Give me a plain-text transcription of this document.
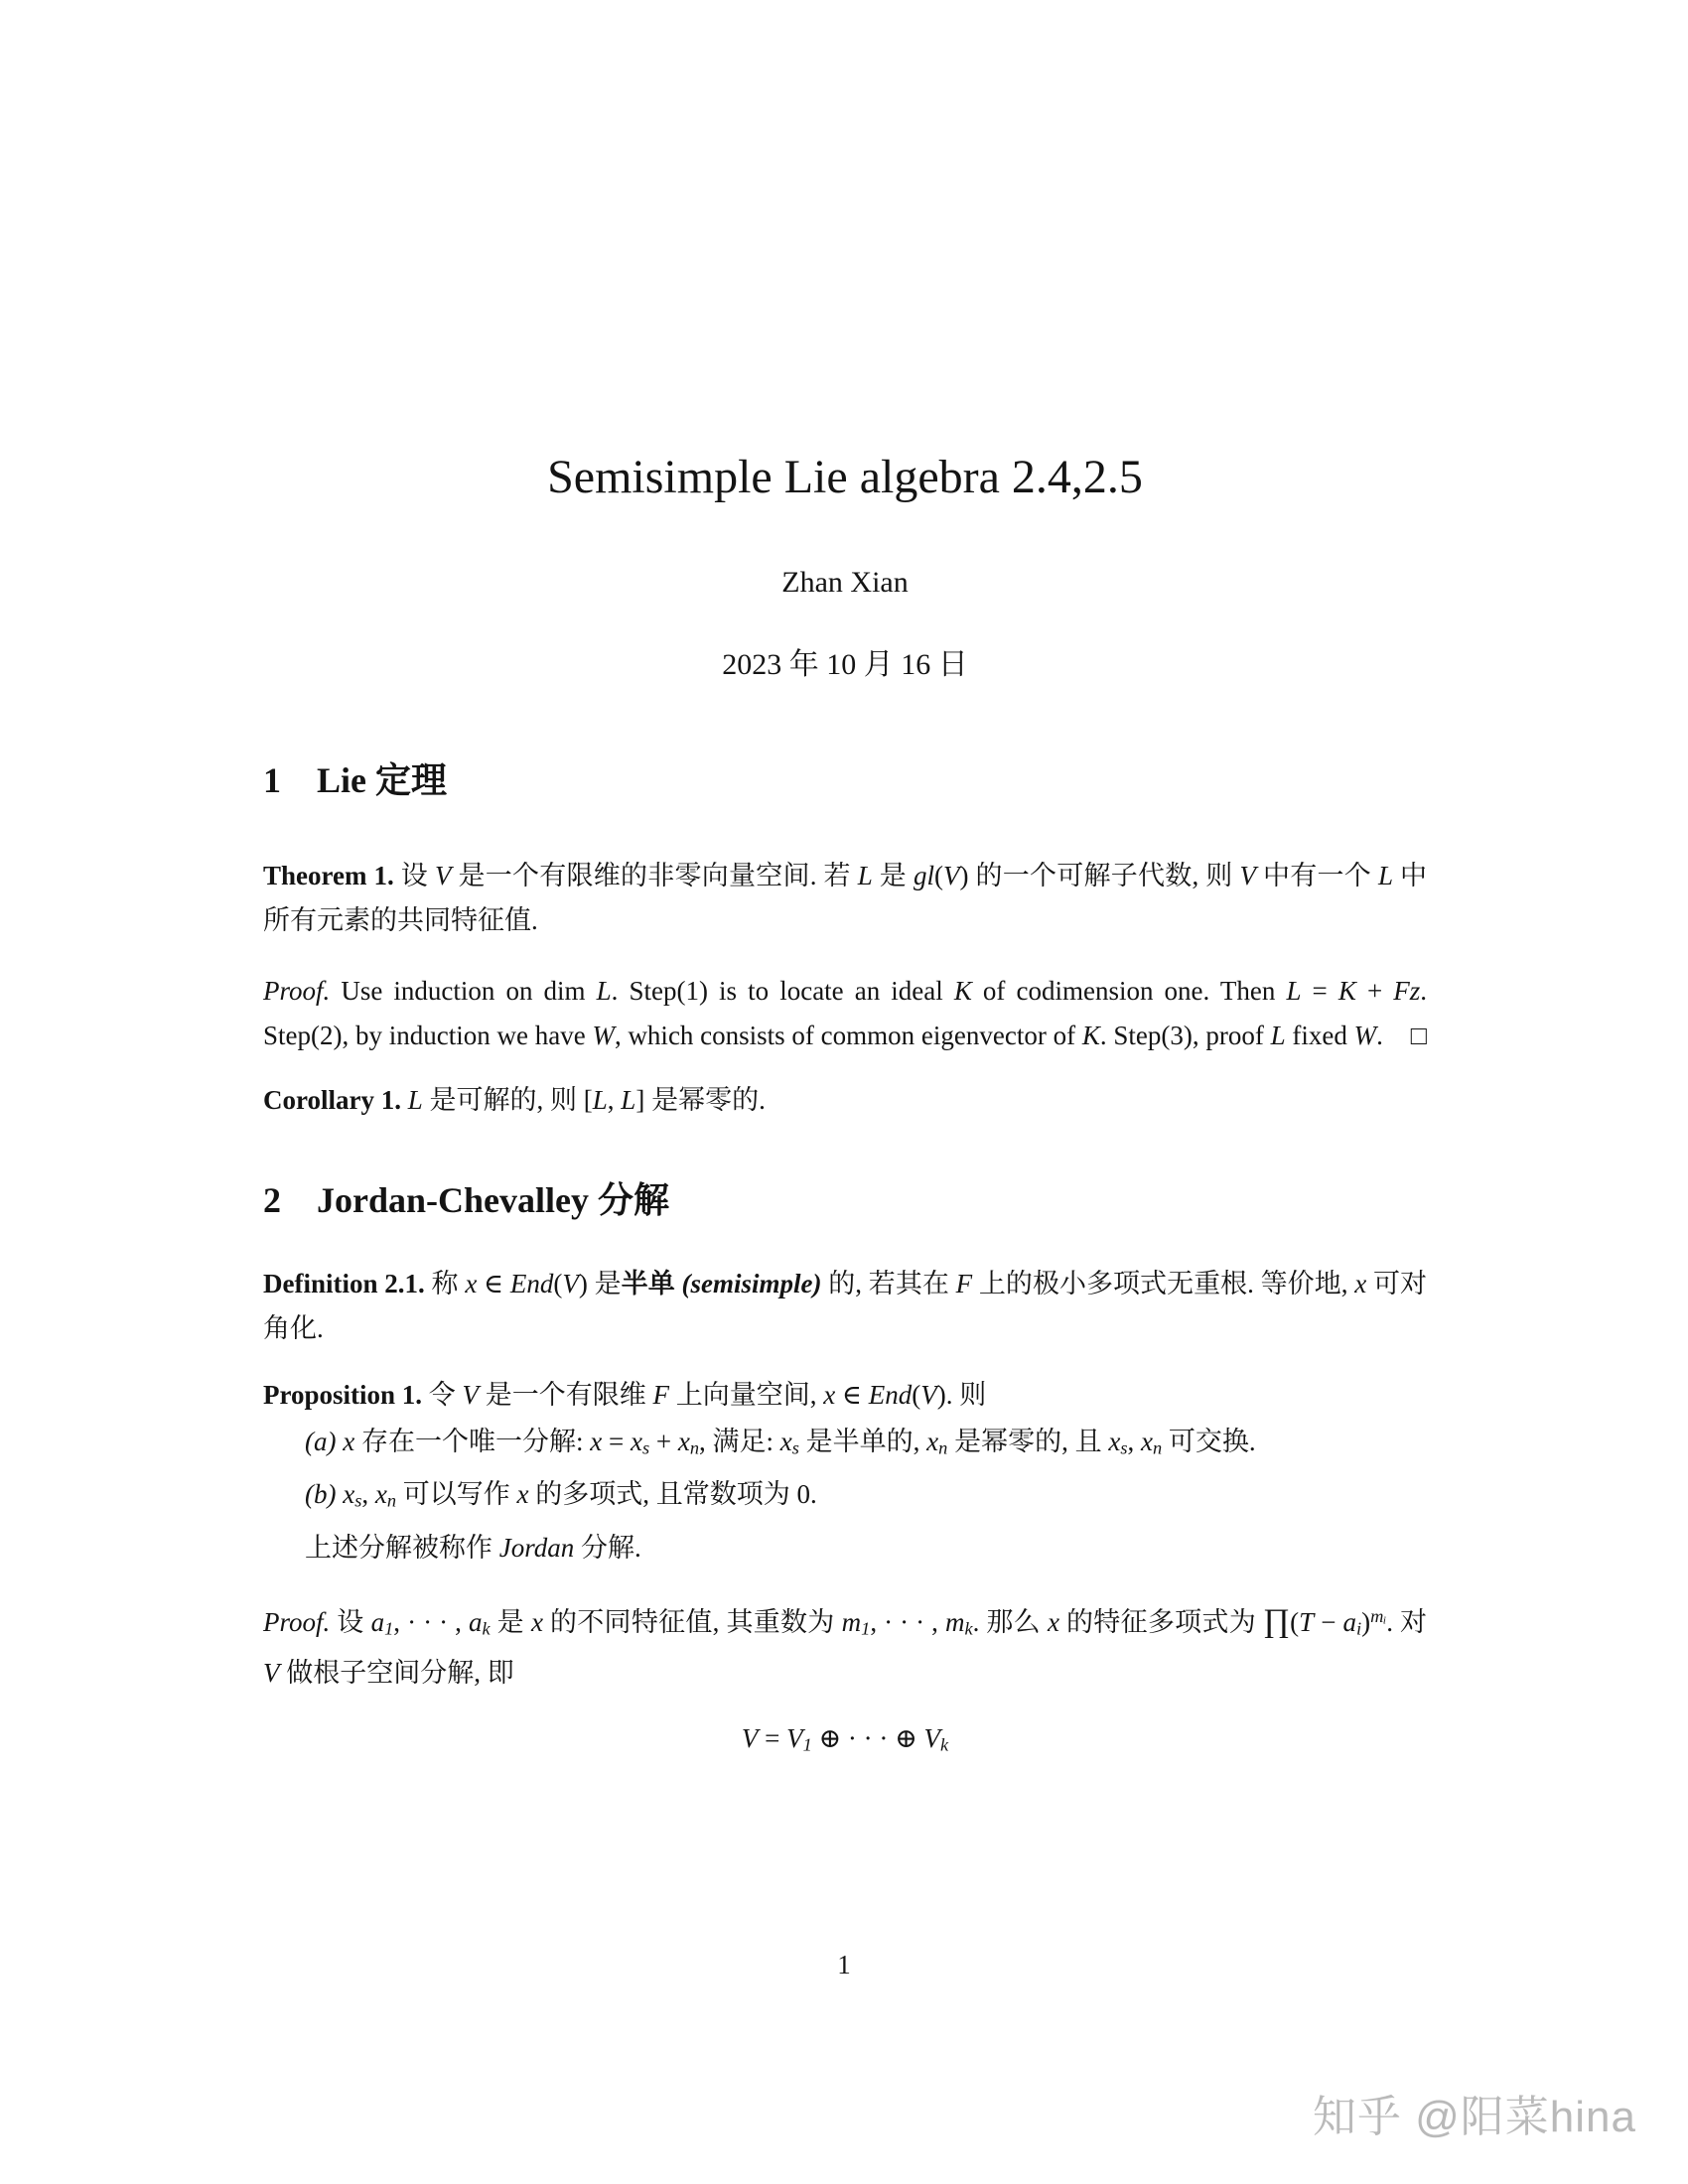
Semisimple Lie algebra 2.4,2.5
Zhan Xian
2023 年 10 月 16 日
1 Lie 定理

Theorem 1. 设 V 是一个有限维的非零向量空间. 若 L 是 gl(V) 的一个可解子代数, 则 V 中有一个 L 中所有元素的共同特征值.

Proof. Use induction on dim L. Step(1) is to locate an ideal K of codimension one. Then L = K + Fz. Step(2), by induction we have W, which consists of common eigenvector of K. Step(3), proof L fixed W. □

Corollary 1. L 是可解的, 则 [L, L] 是幂零的.

2 Jordan-Chevalley 分解

Definition 2.1. 称 x ∈ End(V) 是半单 (semisimple) 的, 若其在 F 上的极小多项式无重根. 等价地, x 可对角化.

Proposition 1. 令 V 是一个有限维 F 上向量空间, x ∈ End(V). 则

(a) x 存在一个唯一分解: x = xs + xn, 满足: xs 是半单的, xn 是幂零的, 且 xs, xn 可交换.

(b) xs, xn 可以写作 x 的多项式, 且常数项为 0.

上述分解被称作 Jordan 分解.

Proof. 设 a1, · · · , ak 是 x 的不同特征值, 其重数为 m1, · · · , mk. 那么 x 的特征多项式为 ∏(T − ai)$^{mᵢ}$. 对 V 做根子空间分解, 即

V = V1 ⊕ · · · ⊕ Vk
1
知乎 @阳菜hina
